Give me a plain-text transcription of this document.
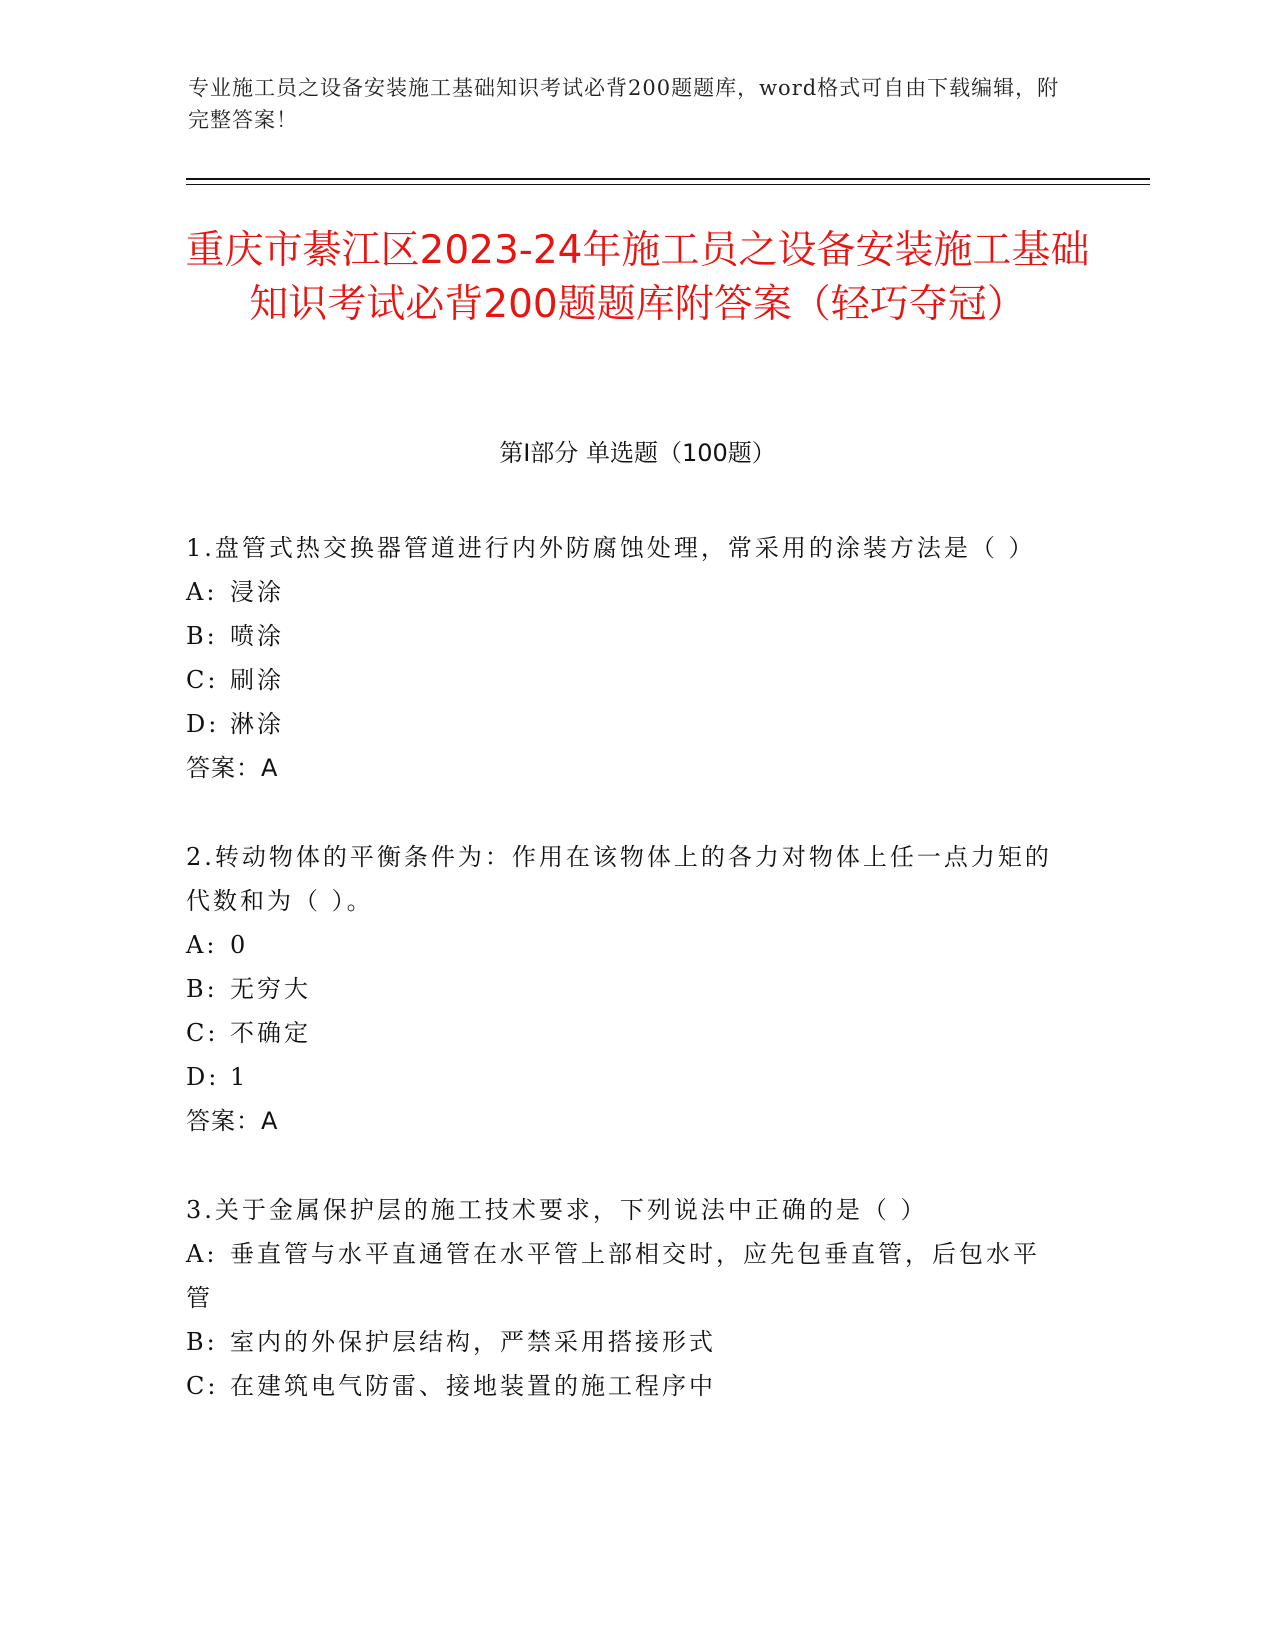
专业施工员之设备安装施工基础知识考试必背200题题库，word格式可自由下载编辑，附完整答案！
重庆市綦江区2023-24年施工员之设备安装施工基础知识考试必背200题题库附答案（轻巧夺冠）
第I部分 单选题（100题）
1.盘管式热交换器管道进行内外防腐蚀处理，常采用的涂装方法是（ ）
A: 浸涂
B: 喷涂
C: 刷涂
D: 淋涂
答案：A
2.转动物体的平衡条件为：作用在该物体上的各力对物体上任一点力矩的代数和为（ ）。
A: 0
B: 无穷大
C: 不确定
D: 1
答案：A
3.关于金属保护层的施工技术要求，下列说法中正确的是（ ）
A: 垂直管与水平直通管在水平管上部相交时，应先包垂直管，后包水平管
B: 室内的外保护层结构，严禁采用搭接形式
C: 在建筑电气防雷、接地装置的施工程序中
